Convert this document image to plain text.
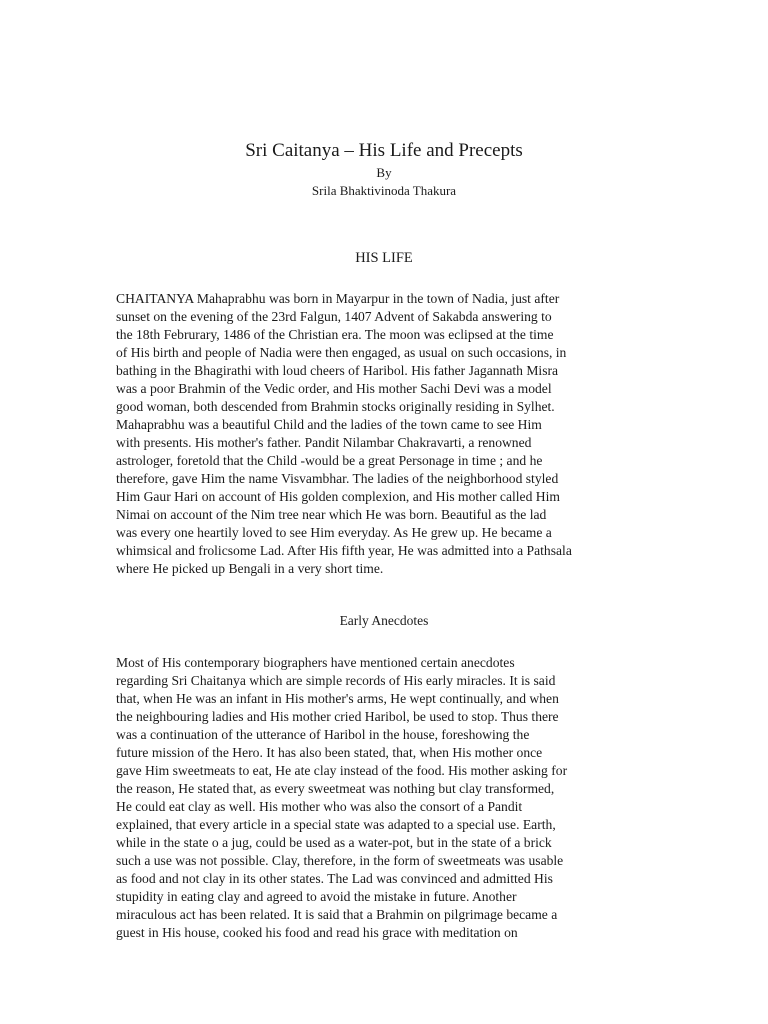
Sri Caitanya – His Life and Precepts
By
Srila Bhaktivinoda Thakura
HIS LIFE

CHAITANYA Mahaprabhu was born in Mayarpur in the town of Nadia, just after
sunset on the evening of the 23rd Falgun, 1407 Advent of Sakabda answering to
the 18th Februrary, 1486 of the Christian era. The moon was eclipsed at the time
of His birth and people of Nadia were then engaged, as usual on such occasions, in
bathing in the Bhagirathi with loud cheers of Haribol. His father Jagannath Misra
was a poor Brahmin of the Vedic order, and His mother Sachi Devi was a model
good woman, both descended from Brahmin stocks originally residing in Sylhet.
Mahaprabhu was a beautiful Child and the ladies of the town came to see Him
with presents. His mother's father. Pandit Nilambar Chakravarti, a renowned
astrologer, foretold that the Child -would be a great Personage in time ; and he
therefore, gave Him the name Visvambhar. The ladies of the neighborhood styled
Him Gaur Hari on account of His golden complexion, and His mother called Him
Nimai on account of the Nim tree near which He was born. Beautiful as the lad
was every one heartily loved to see Him everyday. As He grew up. He became a
whimsical and frolicsome Lad. After His fifth year, He was admitted into a Pathsala
where He picked up Bengali in a very short time.

Early Anecdotes

Most of His contemporary biographers have mentioned certain anecdotes
regarding Sri Chaitanya which are simple records of His early miracles. It is said
that, when He was an infant in His mother's arms, He wept continually, and when
the neighbouring ladies and His mother cried Haribol, be used to stop. Thus there
was a continuation of the utterance of Haribol in the house, foreshowing the
future mission of the Hero. It has also been stated, that, when His mother once
gave Him sweetmeats to eat, He ate clay instead of the food. His mother asking for
the reason, He stated that, as every sweetmeat was nothing but clay transformed,
He could eat clay as well. His mother who was also the consort of a Pandit
explained, that every article in a special state was adapted to a special use. Earth,
while in the state o a jug, could be used as a water-pot, but in the state of a brick
such a use was not possible. Clay, therefore, in the form of sweetmeats was usable
as food and not clay in its other states. The Lad was convinced and admitted His
stupidity in eating clay and agreed to avoid the mistake in future. Another
miraculous act has been related. It is said that a Brahmin on pilgrimage became a
guest in His house, cooked his food and read his grace with meditation on
